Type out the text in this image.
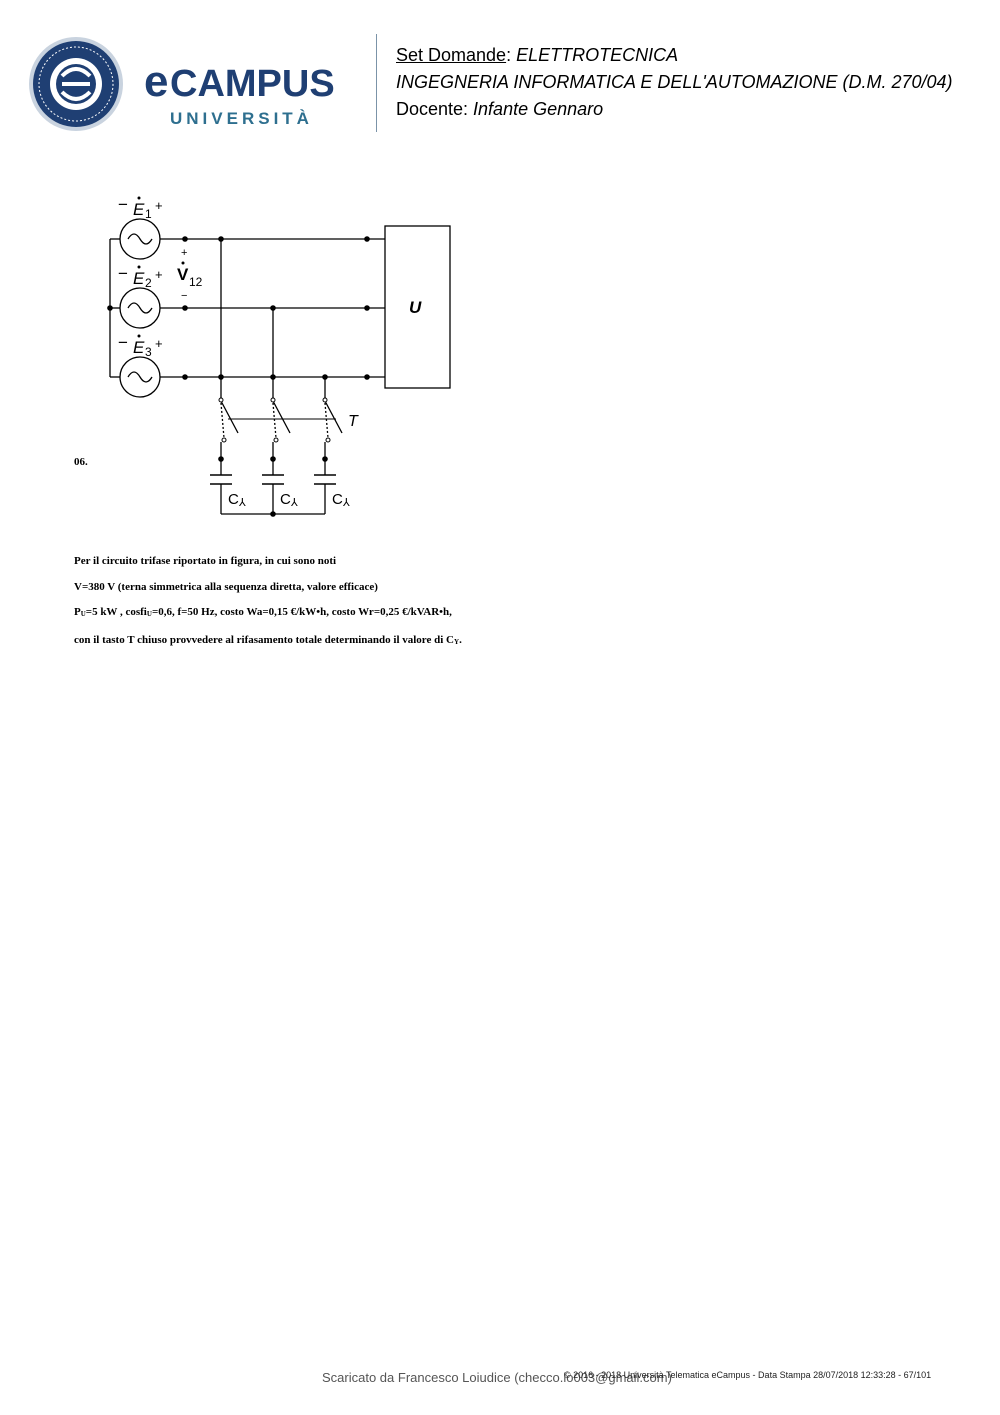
e CAMPUS
UNIVERSITÀ
Set Domande: ELETTROTECNICA
INGEGNERIA INFORMATICA E DELL'AUTOMAZIONE (D.M. 270/04)
Docente: Infante Gennaro
− E 1
+
− E 2
+
− E 3
+
+
V 12
−
U
T
C ⅄ C ⅄ C ⅄
06.
Per il circuito trifase riportato in figura, in cui sono noti
V=380 V (terna simmetrica alla sequenza diretta, valore efficace)
$P_U=5$ kW , cosfi$_U$=0,6, f=50 Hz, costo Wa=0,15 €/kW•h, costo Wr=0,25 €/kVAR•h,
con il tasto T chiuso provvedere al rifasamento totale determinando il valore di $C_Y$.
Scaricato da Francesco Loiudice (checco.lo003@gmail.com)
© 2016 - 2018 Università Telematica eCampus - Data Stampa 28/07/2018 12:33:28 - 67/101
